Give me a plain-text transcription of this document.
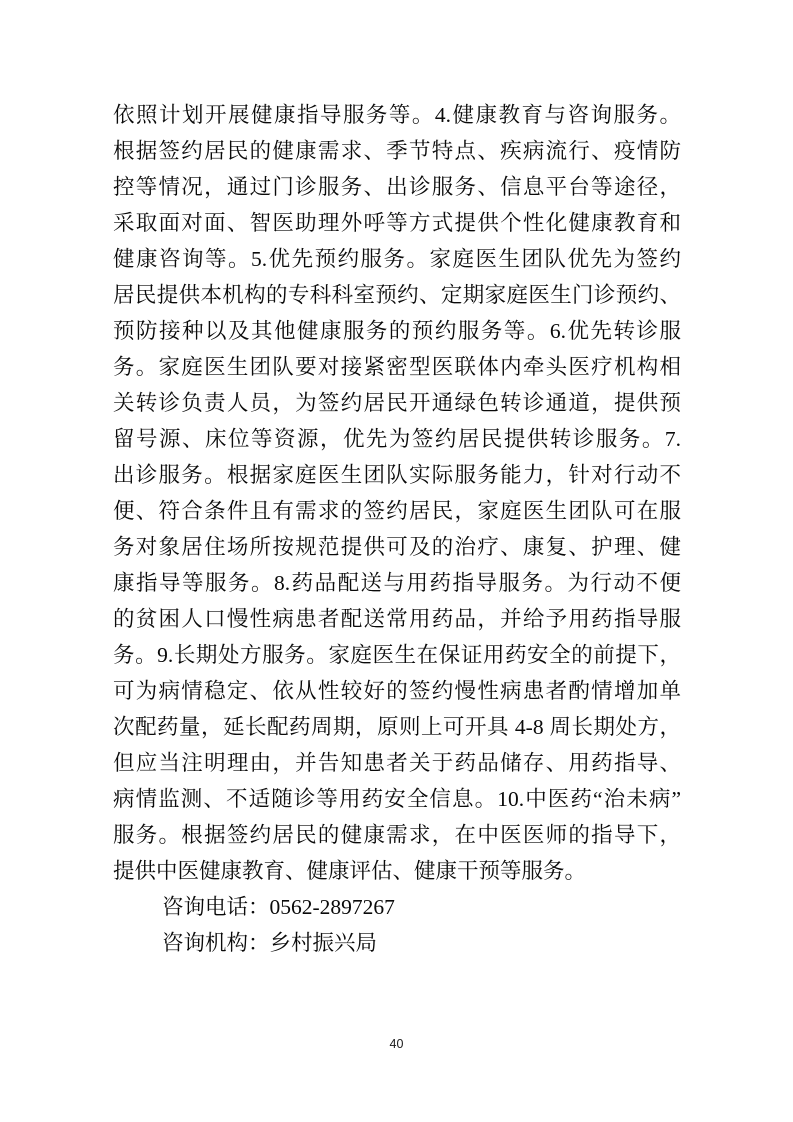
依照计划开展健康指导服务等。4.健康教育与咨询服务。
根据签约居民的健康需求、季节特点、疾病流行、疫情防
控等情况，通过门诊服务、出诊服务、信息平台等途径，
采取面对面、智医助理外呼等方式提供个性化健康教育和
健康咨询等。5.优先预约服务。家庭医生团队优先为签约
居民提供本机构的专科科室预约、定期家庭医生门诊预约、
预防接种以及其他健康服务的预约服务等。6.优先转诊服
务。家庭医生团队要对接紧密型医联体内牵头医疗机构相
关转诊负责人员，为签约居民开通绿色转诊通道，提供预
留号源、床位等资源，优先为签约居民提供转诊服务。7.
出诊服务。根据家庭医生团队实际服务能力，针对行动不
便、符合条件且有需求的签约居民，家庭医生团队可在服
务对象居住场所按规范提供可及的治疗、康复、护理、健
康指导等服务。8.药品配送与用药指导服务。为行动不便
的贫困人口慢性病患者配送常用药品，并给予用药指导服
务。9.长期处方服务。家庭医生在保证用药安全的前提下，
可为病情稳定、依从性较好的签约慢性病患者酌情增加单
次配药量，延长配药周期，原则上可开具 4-8 周长期处方，
但应当注明理由，并告知患者关于药品储存、用药指导、
病情监测、不适随诊等用药安全信息。10.中医药“治未病”
服务。根据签约居民的健康需求，在中医医师的指导下，
提供中医健康教育、健康评估、健康干预等服务。
咨询电话：0562-2897267
咨询机构：乡村振兴局
40
